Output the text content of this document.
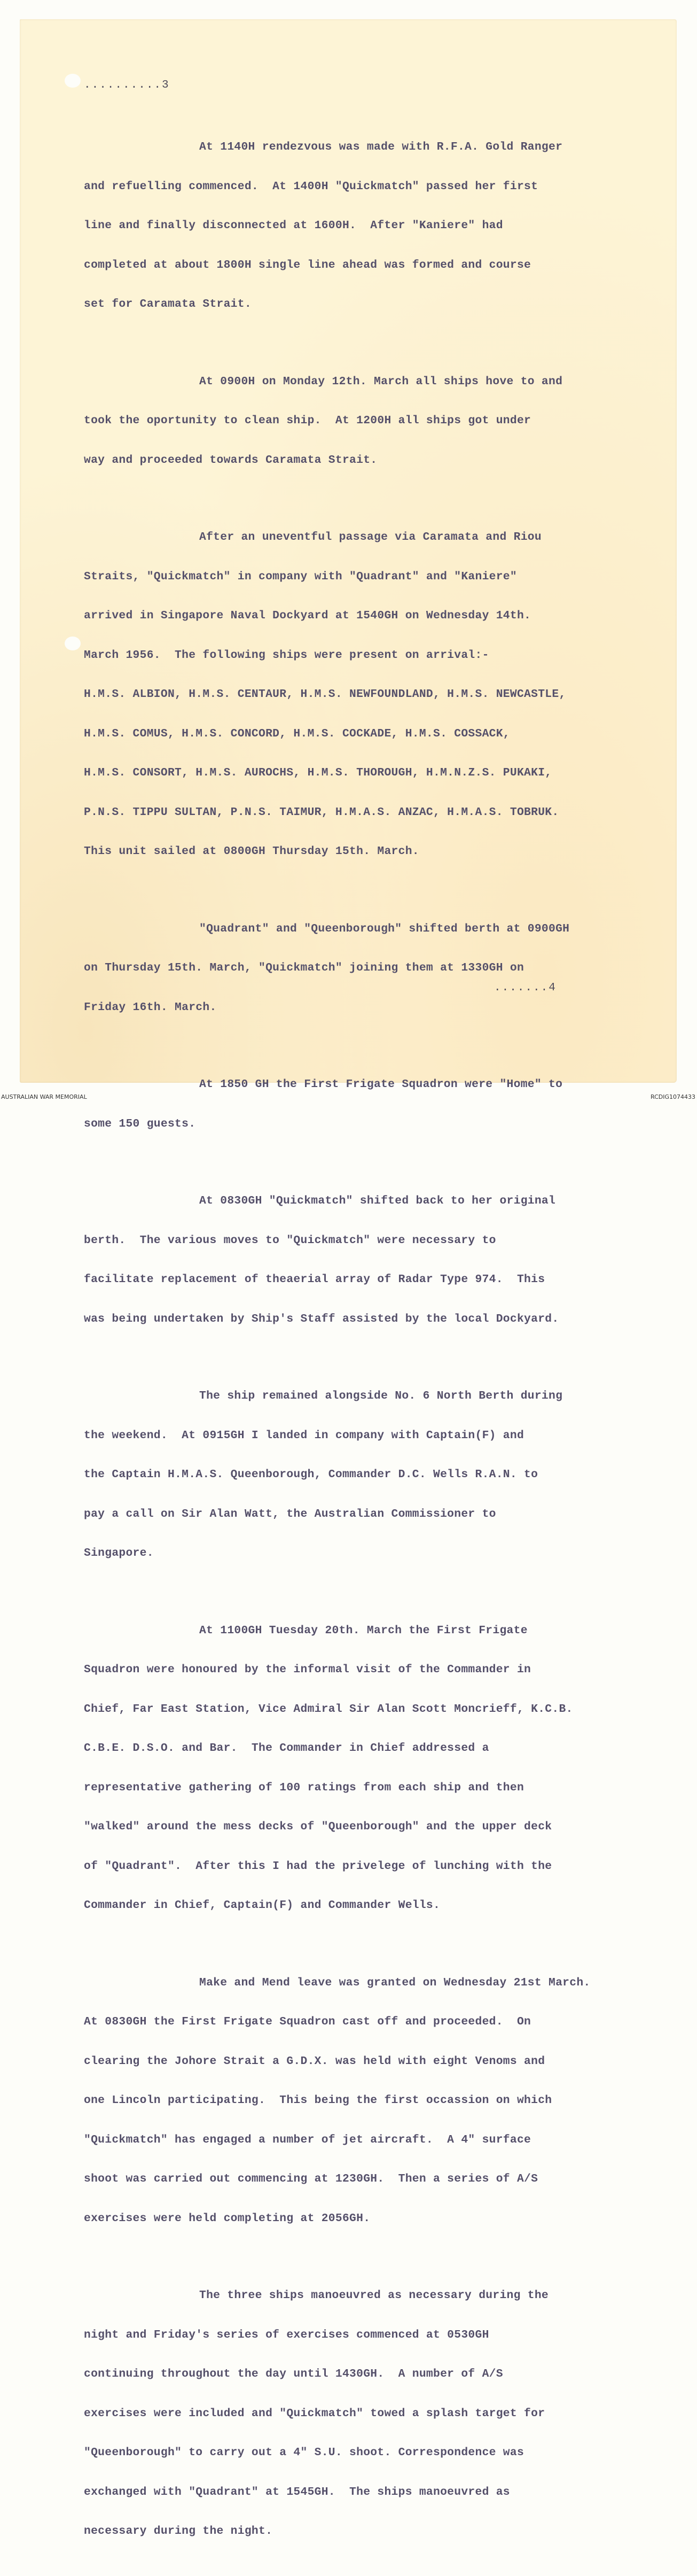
..........3

At 1140H rendezvous was made with R.F.A. Gold Ranger

and refuelling commenced.  At 1400H "Quickmatch" passed her first

line and finally disconnected at 1600H.  After "Kaniere" had

completed at about 1800H single line ahead was formed and course

set for Caramata Strait.

At 0900H on Monday 12th. March all ships hove to and

took the oportunity to clean ship.  At 1200H all ships got under

way and proceeded towards Caramata Strait.

After an uneventful passage via Caramata and Riou

Straits, "Quickmatch" in company with "Quadrant" and "Kaniere"

arrived in Singapore Naval Dockyard at 1540GH on Wednesday 14th.

March 1956.  The following ships were present on arrival:-

H.M.S. ALBION, H.M.S. CENTAUR, H.M.S. NEWFOUNDLAND, H.M.S. NEWCASTLE,

H.M.S. COMUS, H.M.S. CONCORD, H.M.S. COCKADE, H.M.S. COSSACK,

H.M.S. CONSORT, H.M.S. AUROCHS, H.M.S. THOROUGH, H.M.N.Z.S. PUKAKI,

P.N.S. TIPPU SULTAN, P.N.S. TAIMUR, H.M.A.S. ANZAC, H.M.A.S. TOBRUK.

This unit sailed at 0800GH Thursday 15th. March.

"Quadrant" and "Queenborough" shifted berth at 0900GH

on Thursday 15th. March, "Quickmatch" joining them at 1330GH on

Friday 16th. March.

At 1850 GH the First Frigate Squadron were "Home" to

some 150 guests.

At 0830GH "Quickmatch" shifted back to her original

berth.  The various moves to "Quickmatch" were necessary to

facilitate replacement of theaerial array of Radar Type 974.  This

was being undertaken by Ship's Staff assisted by the local Dockyard.

The ship remained alongside No. 6 North Berth during

the weekend.  At 0915GH I landed in company with Captain(F) and

the Captain H.M.A.S. Queenborough, Commander D.C. Wells R.A.N. to

pay a call on Sir Alan Watt, the Australian Commissioner to

Singapore.

At 1100GH Tuesday 20th. March the First Frigate

Squadron were honoured by the informal visit of the Commander in

Chief, Far East Station, Vice Admiral Sir Alan Scott Moncrieff, K.C.B.

C.B.E. D.S.O. and Bar.  The Commander in Chief addressed a

representative gathering of 100 ratings from each ship and then

"walked" around the mess decks of "Queenborough" and the upper deck

of "Quadrant".  After this I had the privelege of lunching with the

Commander in Chief, Captain(F) and Commander Wells.

Make and Mend leave was granted on Wednesday 21st March.

At 0830GH the First Frigate Squadron cast off and proceeded.  On

clearing the Johore Strait a G.D.X. was held with eight Venoms and

one Lincoln participating.  This being the first occassion on which

"Quickmatch" has engaged a number of jet aircraft.  A 4" surface

shoot was carried out commencing at 1230GH.  Then a series of A/S

exercises were held completing at 2056GH.

The three ships manoeuvred as necessary during the

night and Friday's series of exercises commenced at 0530GH

continuing throughout the day until 1430GH.  A number of A/S

exercises were included and "Quickmatch" towed a splash target for

"Queenborough" to carry out a 4" S.U. shoot. Correspondence was

exchanged with "Quadrant" at 1545GH.  The ships manoeuvred as

necessary during the night.

.......4
AUSTRALIAN WAR MEMORIAL	RCDIG1074433
